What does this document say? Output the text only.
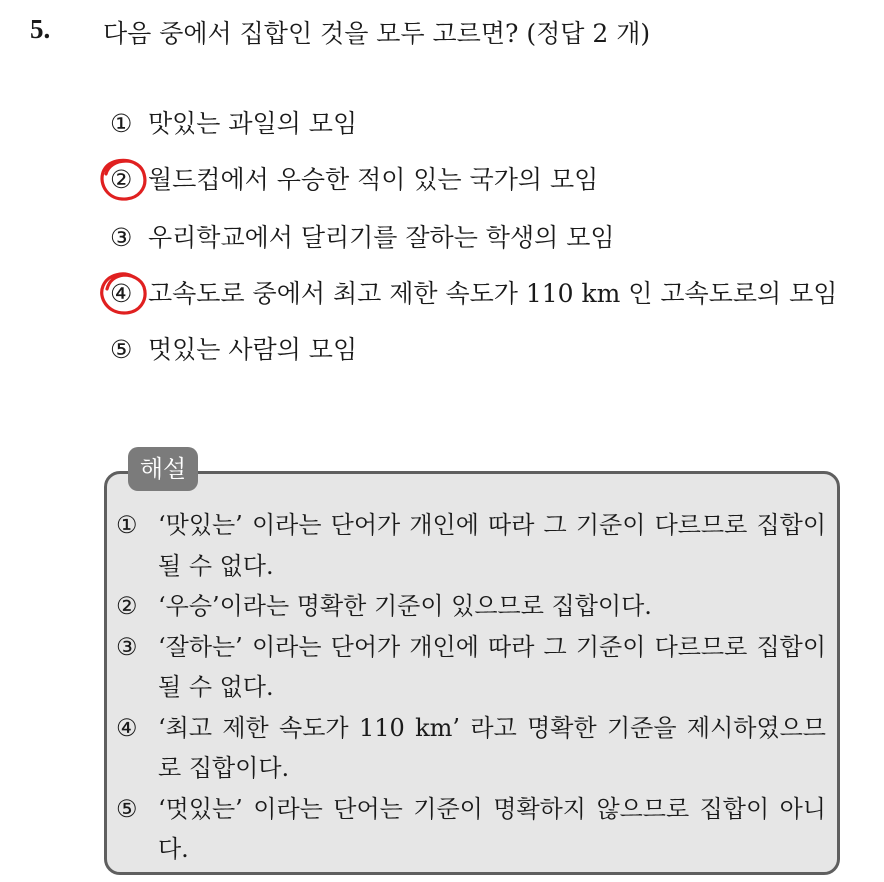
5. 다음 중에서 집합인 것을 모두 고르면? (정답 2 개)
① 맛있는 과일의 모임
② 월드컵에서 우승한 적이 있는 국가의 모임
③ 우리학교에서 달리기를 잘하는 학생의 모임
④ 고속도로 중에서 최고 제한 속도가 110 km 인 고속도로의 모임
⑤ 멋있는 사람의 모임
해설
① ‘맛있는’ 이라는 단어가 개인에 따라 그 기준이 다르므로 집합이 될 수 없다.
② ‘우승’이라는 명확한 기준이 있으므로 집합이다.
③ ‘잘하는’ 이라는 단어가 개인에 따라 그 기준이 다르므로 집합이 될 수 없다.
④ ‘최고 제한 속도가 110 km’ 라고 명확한 기준을 제시하였으므로 집합이다.
⑤ ‘멋있는’ 이라는 단어는 기준이 명확하지 않으므로 집합이 아니다.
